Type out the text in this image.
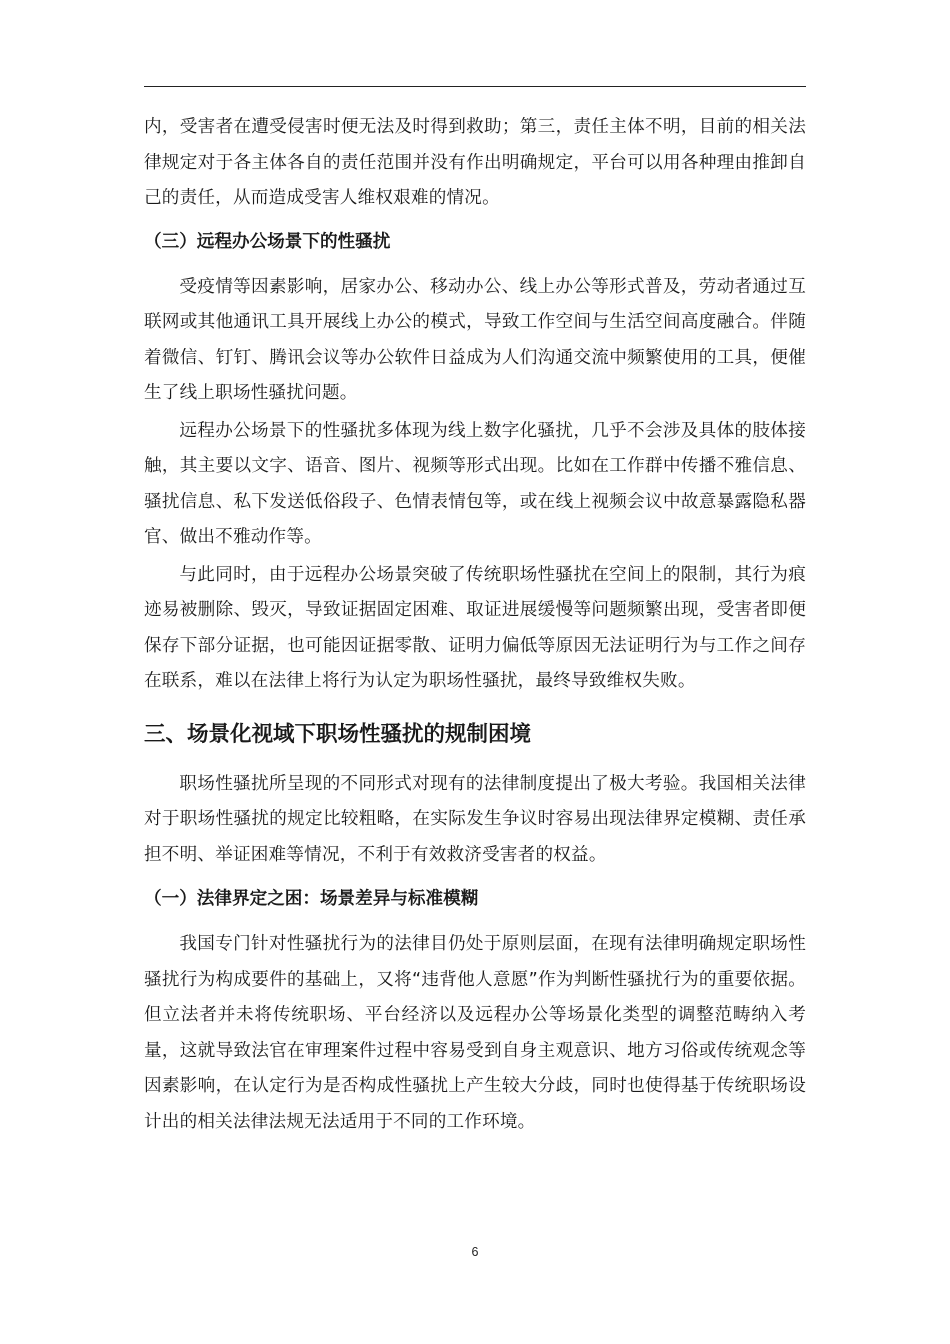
内，受害者在遭受侵害时便无法及时得到救助；第三，责任主体不明，目前的相关法律规定对于各主体各自的责任范围并没有作出明确规定，平台可以用各种理由推卸自己的责任，从而造成受害人维权艰难的情况。

（三）远程办公场景下的性骚扰

受疫情等因素影响，居家办公、移动办公、线上办公等形式普及，劳动者通过互联网或其他通讯工具开展线上办公的模式，导致工作空间与生活空间高度融合。伴随着微信、钉钉、腾讯会议等办公软件日益成为人们沟通交流中频繁使用的工具，便催生了线上职场性骚扰问题。

远程办公场景下的性骚扰多体现为线上数字化骚扰，几乎不会涉及具体的肢体接触，其主要以文字、语音、图片、视频等形式出现。比如在工作群中传播不雅信息、骚扰信息、私下发送低俗段子、色情表情包等，或在线上视频会议中故意暴露隐私器官、做出不雅动作等。

与此同时，由于远程办公场景突破了传统职场性骚扰在空间上的限制，其行为痕迹易被删除、毁灭，导致证据固定困难、取证进展缓慢等问题频繁出现，受害者即便保存下部分证据，也可能因证据零散、证明力偏低等原因无法证明行为与工作之间存在联系，难以在法律上将行为认定为职场性骚扰，最终导致维权失败。

三、场景化视域下职场性骚扰的规制困境

职场性骚扰所呈现的不同形式对现有的法律制度提出了极大考验。我国相关法律对于职场性骚扰的规定比较粗略，在实际发生争议时容易出现法律界定模糊、责任承担不明、举证困难等情况，不利于有效救济受害者的权益。

（一）法律界定之困：场景差异与标准模糊

我国专门针对性骚扰行为的法律目仍处于原则层面，在现有法律明确规定职场性骚扰行为构成要件的基础上，又将“违背他人意愿”作为判断性骚扰行为的重要依据。但立法者并未将传统职场、平台经济以及远程办公等场景化类型的调整范畴纳入考量，这就导致法官在审理案件过程中容易受到自身主观意识、地方习俗或传统观念等因素影响，在认定行为是否构成性骚扰上产生较大分歧，同时也使得基于传统职场设计出的相关法律法规无法适用于不同的工作环境。

6
